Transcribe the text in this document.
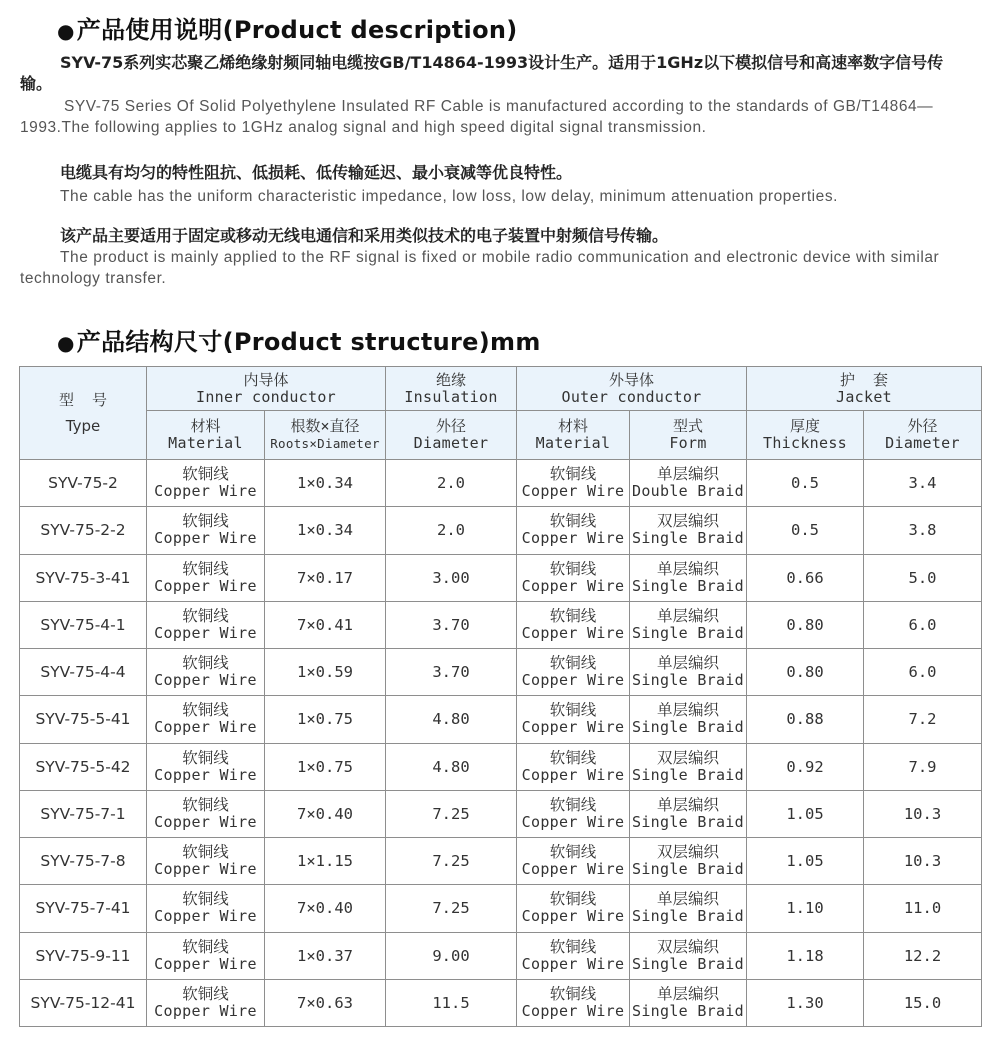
●产品使用说明(Product description)

SYV-75系列实芯聚乙烯绝缘射频同轴电缆按GB/T14864-1993设计生产。适用于1GHz以下模拟信号和高速率数字信号传输。

SYV-75 Series Of Solid Polyethylene Insulated RF Cable is manufactured according to the standards of GB/T14864—1993.The following applies to 1GHz analog signal and high speed digital signal transmission.

电缆具有均匀的特性阻抗、低损耗、低传输延迟、最小衰减等优良特性。

The cable has the uniform characteristic impedance, low loss, low delay, minimum attenuation properties.

该产品主要适用于固定或移动无线电通信和采用类似技术的电子装置中射频信号传输。

The product is mainly applied to the RF signal is fixed or mobile radio communication and electronic device with similar technology transfer.

●产品结构尺寸(Product structure)mm
型  号
Type	内导体
Inner conductor		绝缘
Insulation	外导体
Outer conductor		护  套
Jacket	

	材料
Material	根数×直径
Roots×Diameter	外径
Diameter	材料
Material	型式
Form	厚度
Thickness	外径
Diameter

SYV-75-2	软铜线
Copper Wire	1×0.34	2.0	软铜线
Copper Wire	单层编织
Double Braid	0.5	3.4
SYV-75-2-2	软铜线
Copper Wire	1×0.34	2.0	软铜线
Copper Wire	双层编织
Single Braid	0.5	3.8
SYV-75-3-41	软铜线
Copper Wire	7×0.17	3.00	软铜线
Copper Wire	单层编织
Single Braid	0.66	5.0
SYV-75-4-1	软铜线
Copper Wire	7×0.41	3.70	软铜线
Copper Wire	单层编织
Single Braid	0.80	6.0
SYV-75-4-4	软铜线
Copper Wire	1×0.59	3.70	软铜线
Copper Wire	单层编织
Single Braid	0.80	6.0
SYV-75-5-41	软铜线
Copper Wire	1×0.75	4.80	软铜线
Copper Wire	单层编织
Single Braid	0.88	7.2
SYV-75-5-42	软铜线
Copper Wire	1×0.75	4.80	软铜线
Copper Wire	双层编织
Single Braid	0.92	7.9
SYV-75-7-1	软铜线
Copper Wire	7×0.40	7.25	软铜线
Copper Wire	单层编织
Single Braid	1.05	10.3
SYV-75-7-8	软铜线
Copper Wire	1×1.15	7.25	软铜线
Copper Wire	双层编织
Single Braid	1.05	10.3
SYV-75-7-41	软铜线
Copper Wire	7×0.40	7.25	软铜线
Copper Wire	单层编织
Single Braid	1.10	11.0
SYV-75-9-11	软铜线
Copper Wire	1×0.37	9.00	软铜线
Copper Wire	双层编织
Single Braid	1.18	12.2
SYV-75-12-41	软铜线
Copper Wire	7×0.63	11.5	软铜线
Copper Wire	单层编织
Single Braid	1.30	15.0
